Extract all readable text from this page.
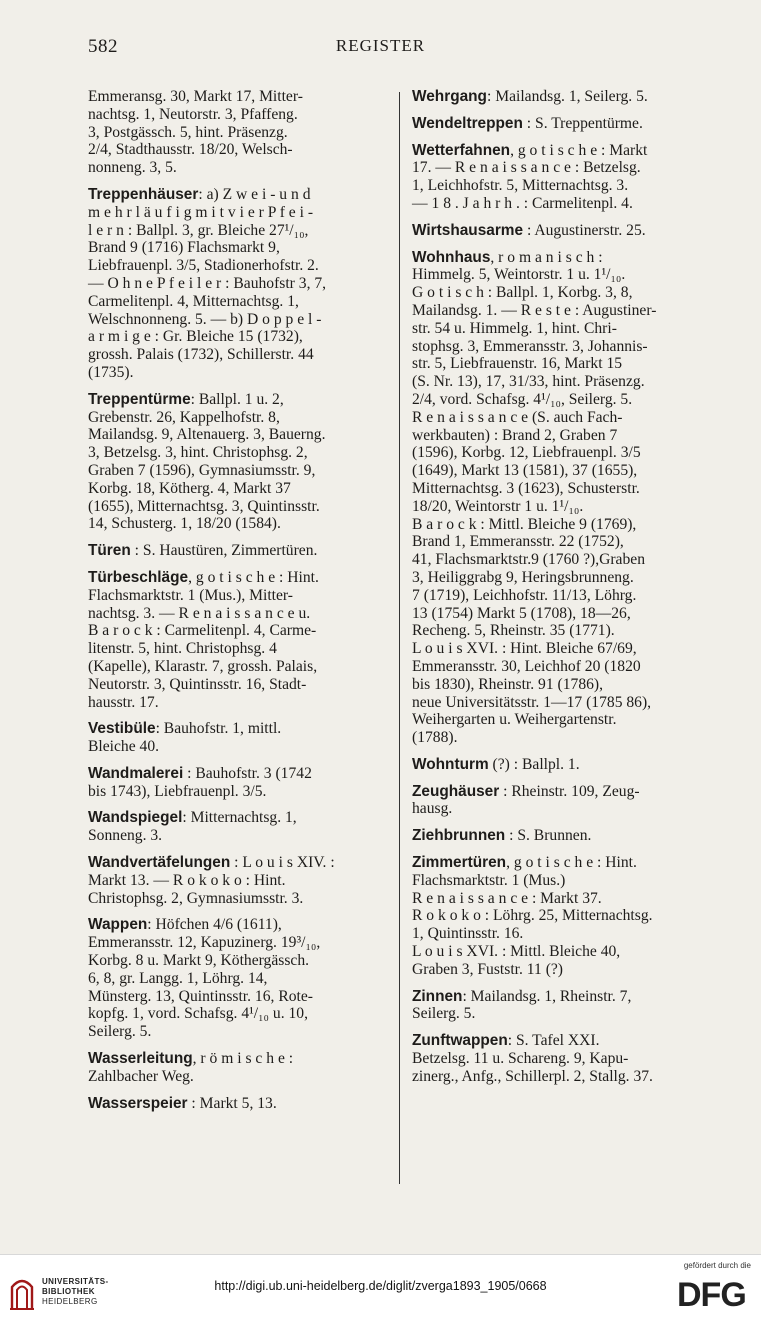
582	REGISTER
Emmeransg. 30, Markt 17, Mitter-
nachtsg. 1, Neutorstr. 3, Pfaffeng.
3, Postgässch. 5, hint. Präsenzg.
2/4, Stadthausstr. 18/20, Welsch-
nonneng. 3, 5.
Treppenhäuser: a) Z w e i - u n d
m e h r l ä u f i g m i t v i e r P f e i -
l e r n : Ballpl. 3, gr. Bleiche 27¹/₁₀,
Brand 9 (1716) Flachsmarkt 9,
Liebfrauenpl. 3/5, Stadionerhofstr. 2.
— O h n e P f e i l e r : Bauhofstr 3, 7,
Carmelitenpl. 4, Mitternachtsg. 1,
Welschnonneng. 5. — b) D o p p e l -
a r m i g e : Gr. Bleiche 15 (1732),
grossh. Palais (1732), Schillerstr. 44
(1735).
Treppentürme: Ballpl. 1 u. 2,
Grebenstr. 26, Kappelhofstr. 8,
Mailandsg. 9, Altenauerg. 3, Bauerng.
3, Betzelsg. 3, hint. Christophsg. 2,
Graben 7 (1596), Gymnasiumsstr. 9,
Korbg. 18, Kötherg. 4, Markt 37
(1655), Mitternachtsg. 3, Quintinsstr.
14, Schusterg. 1, 18/20 (1584).
Türen : S. Haustüren, Zimmertüren.
Türbeschläge, g o t i s c h e : Hint.
Flachsmarktstr. 1 (Mus.), Mitter-
nachtsg. 3. — R e n a i s s a n c e u.
B a r o c k : Carmelitenpl. 4, Carme-
litenstr. 5, hint. Christophsg. 4
(Kapelle), Klarastr. 7, grossh. Palais,
Neutorstr. 3, Quintinsstr. 16, Stadt-
hausstr. 17.
Vestibüle: Bauhofstr. 1, mittl.
Bleiche 40.
Wandmalerei : Bauhofstr. 3 (1742
bis 1743), Liebfrauenpl. 3/5.
Wandspiegel: Mitternachtsg. 1,
Sonneng. 3.
Wandvertäfelungen : L o u i s XIV. :
Markt 13. — R o k o k o : Hint.
Christophsg. 2, Gymnasiumsstr. 3.
Wappen: Höfchen 4/6 (1611),
Emmeransstr. 12, Kapuzinerg. 19³/₁₀,
Korbg. 8 u. Markt 9, Köthergässch.
6, 8, gr. Langg. 1, Löhrg. 14,
Münsterg. 13, Quintinsstr. 16, Rote-
kopfg. 1, vord. Schafsg. 4¹/₁₀ u. 10,
Seilerg. 5.
Wasserleitung, r ö m i s c h e :
Zahlbacher Weg.
Wasserspeier : Markt 5, 13.
Wehrgang: Mailandsg. 1, Seilerg. 5.
Wendeltreppen : S. Treppentürme.
Wetterfahnen, g o t i s c h e : Markt
17. — R e n a i s s a n c e : Betzelsg.
1, Leichhofstr. 5, Mitternachtsg. 3.
— 1 8 . J a h r h . : Carmelitenpl. 4.
Wirtshausarme : Augustinerstr. 25.
Wohnhaus, r o m a n i s c h :
Himmelg. 5, Weintorstr. 1 u. 1¹/₁₀.
G o t i s c h : Ballpl. 1, Korbg. 3, 8,
Mailandsg. 1. — R e s t e : Augustiner-
str. 54 u. Himmelg. 1, hint. Chri-
stophsg. 3, Emmeransstr. 3, Johannis-
str. 5, Liebfrauenstr. 16, Markt 15
(S. Nr. 13), 17, 31/33, hint. Präsenzg.
2/4, vord. Schafsg. 4¹/₁₀, Seilerg. 5.
R e n a i s s a n c e (S. auch Fach-
werkbauten) : Brand 2, Graben 7
(1596), Korbg. 12, Liebfrauenpl. 3/5
(1649), Markt 13 (1581), 37 (1655),
Mitternachtsg. 3 (1623), Schusterstr.
18/20, Weintorstr 1 u. 1¹/₁₀.
B a r o c k : Mittl. Bleiche 9 (1769),
Brand 1, Emmeransstr. 22 (1752),
41, Flachsmarktstr.9 (1760 ?),Graben
3, Heiliggrabg 9, Heringsbrunneng.
7 (1719), Leichhofstr. 11/13, Löhrg.
13 (1754) Markt 5 (1708), 18—26,
Recheng. 5, Rheinstr. 35 (1771).
L o u i s XVI. : Hint. Bleiche 67/69,
Emmeransstr. 30, Leichhof 20 (1820
bis 1830), Rheinstr. 91 (1786),
neue Universitätsstr. 1—17 (1785 86),
Weihergarten u. Weihergartenstr.
(1788).
Wohnturm (?) : Ballpl. 1.
Zeughäuser : Rheinstr. 109, Zeug-
hausg.
Ziehbrunnen : S. Brunnen.
Zimmertüren, g o t i s c h e : Hint.
Flachsmarktstr. 1 (Mus.)
R e n a i s s a n c e : Markt 37.
R o k o k o : Löhrg. 25, Mitternachtsg.
1, Quintinsstr. 16.
L o u i s XVI. : Mittl. Bleiche 40,
Graben 3, Fuststr. 11 (?)
Zinnen: Mailandsg. 1, Rheinstr. 7,
Seilerg. 5.
Zunftwappen: S. Tafel XXI.
Betzelsg. 11 u. Schareng. 9, Kapu-
zinerg., Anfg., Schillerpl. 2, Stallg. 37.
UNIVERSITÄTS-
BIBLIOTHEK
HEIDELBERG
http://digi.ub.uni-heidelberg.de/diglit/zverga1893_1905/0668
gefördert durch die
DFG
